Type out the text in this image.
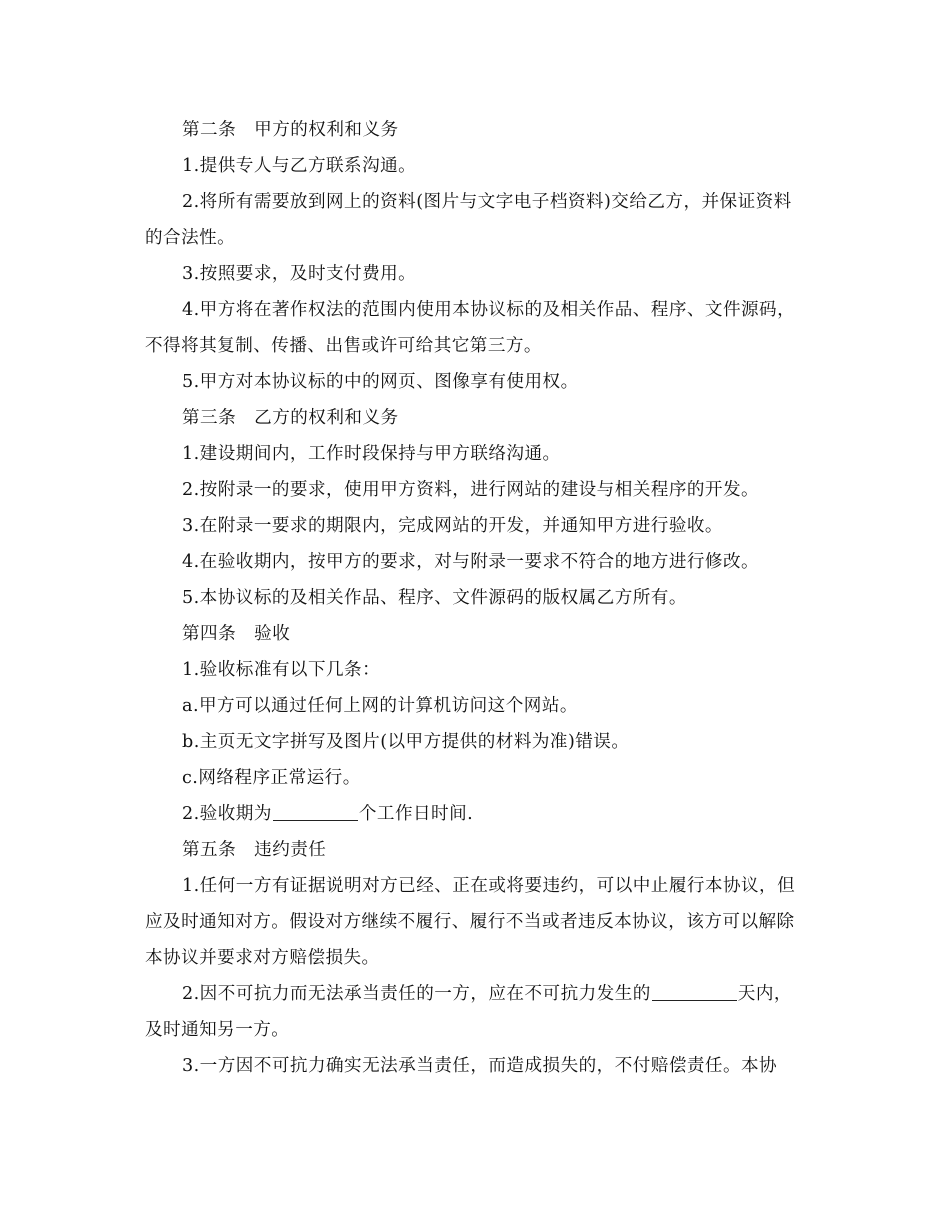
第二条　甲方的权利和义务

1.提供专人与乙方联系沟通。

2.将所有需要放到网上的资料(图片与文字电子档资料)交给乙方，并保证资料的合法性。

3.按照要求，及时支付费用。

4.甲方将在著作权法的范围内使用本协议标的及相关作品、程序、文件源码，不得将其复制、传播、出售或许可给其它第三方。

5.甲方对本协议标的中的网页、图像享有使用权。

第三条　乙方的权利和义务

1.建设期间内，工作时段保持与甲方联络沟通。

2.按附录一的要求，使用甲方资料，进行网站的建设与相关程序的开发。

3.在附录一要求的期限内，完成网站的开发，并通知甲方进行验收。

4.在验收期内，按甲方的要求，对与附录一要求不符合的地方进行修改。

5.本协议标的及相关作品、程序、文件源码的版权属乙方所有。

第四条　验收

1.验收标准有以下几条：

a.甲方可以通过任何上网的计算机访问这个网站。

b.主页无文字拼写及图片(以甲方提供的材料为准)错误。

c.网络程序正常运行。

2.验收期为	个工作日时间.

第五条　违约责任

1.任何一方有证据说明对方已经、正在或将要违约，可以中止履行本协议，但应及时通知对方。假设对方继续不履行、履行不当或者违反本协议，该方可以解除本协议并要求对方赔偿损失。

2.因不可抗力而无法承当责任的一方，应在不可抗力发生的	天内，及时通知另一方。

3.一方因不可抗力确实无法承当责任，而造成损失的，不付赔偿责任。本协
